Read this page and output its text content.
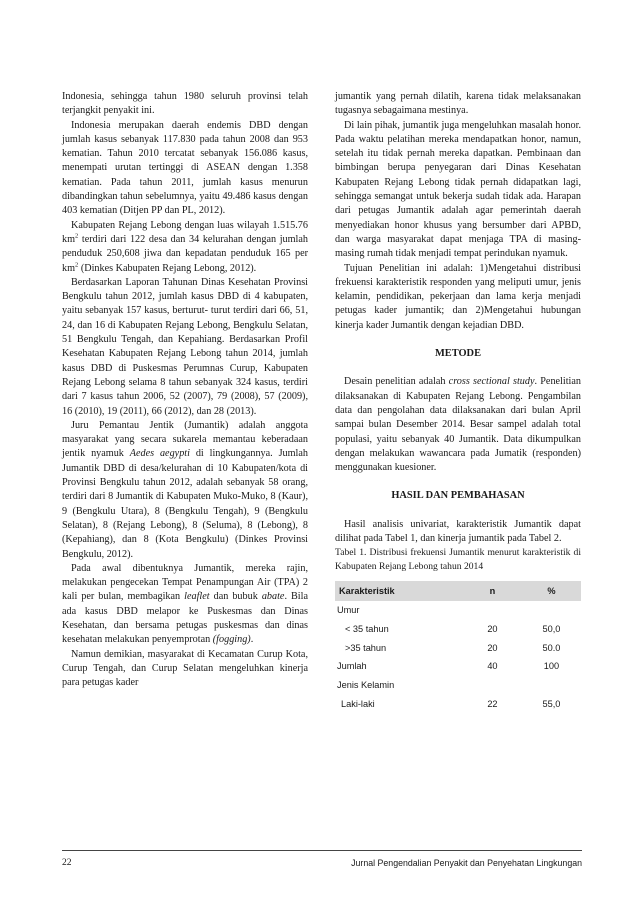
Indonesia, sehingga tahun 1980 seluruh provinsi telah terjangkit penyakit ini.

Indonesia merupakan daerah endemis DBD dengan jumlah kasus sebanyak 117.830 pada tahun 2008 dan 953 kematian. Tahun 2010 tercatat sebanyak 156.086 kasus, menempati urutan tertinggi di ASEAN dengan 1.358 kematian. Pada tahun 2011, jumlah kasus menurun dibandingkan tahun sebelumnya, yaitu 49.486 kasus dengan 403 kematian (Ditjen PP dan PL, 2012).

Kabupaten Rejang Lebong dengan luas wilayah 1.515.76 $km^2$ terdiri dari 122 desa dan 34 kelurahan dengan jumlah penduduk 250,608 jiwa dan kepadatan penduduk 165 per $km^2$ (Dinkes Kabupaten Rejang Lebong, 2012).

Berdasarkan Laporan Tahunan Dinas Kesehatan Provinsi Bengkulu tahun 2012, jumlah kasus DBD di 4 kabupaten, yaitu sebanyak 157 kasus, berturut- turut terdiri dari 66, 51, 24, dan 16 di Kabupaten Rejang Lebong, Bengkulu Selatan, 51 Bengkulu Tengah, dan Kepahiang. Berdasarkan Profil Kesehatan Kabupaten Rejang Lebong tahun 2014, jumlah kasus DBD di Puskesmas Perumnas Curup, Kabupaten Rejang Lebong selama 8 tahun sebanyak 324 kasus, terdiri dari 7 kasus tahun 2006, 52 (2007), 79 (2008), 57 (2009), 16 (2010), 19 (2011), 66 (2012), dan 28 (2013).

Juru Pemantau Jentik (Jumantik) adalah anggota masyarakat yang secara sukarela memantau keberadaan jentik nyamuk Aedes aegypti di lingkungannya. Jumlah Jumantik DBD di desa/kelurahan di 10 Kabupaten/kota di Provinsi Bengkulu tahun 2012, adalah sebanyak 58 orang, terdiri dari 8 Jumantik di Kabupaten Muko-Muko, 8 (Kaur), 9 (Bengkulu Utara), 8 (Bengkulu Tengah), 9 (Bengkulu Selatan), 8 (Rejang Lebong), 8 (Seluma), 8 (Lebong), 8 (Kepahiang), dan 8 (Kota Bengkulu) (Dinkes Provinsi Bengkulu, 2012).

Pada awal dibentuknya Jumantik, mereka rajin, melakukan pengecekan Tempat Penampungan Air (TPA) 2 kali per bulan, membagikan leaflet dan bubuk abate. Bila ada kasus DBD melapor ke Puskesmas dan Dinas Kesehatan, dan bersama petugas puskesmas dan dinas kesehatan melakukan penyemprotan (fogging).

Namun demikian, masyarakat di Kecamatan Curup Kota, Curup Tengah, dan Curup Selatan mengeluhkan kinerja para petugas kader

jumantik yang pernah dilatih, karena tidak melaksanakan tugasnya sebagaimana mestinya.

Di lain pihak, jumantik juga mengeluhkan masalah honor. Pada waktu pelatihan mereka mendapatkan honor, namun, setelah itu tidak pernah mereka dapatkan. Pembinaan dan bimbingan berupa penyegaran dari Dinas Kesehatan Kabupaten Rejang Lebong tidak pernah didapatkan lagi, sehingga semangat untuk bekerja sudah tidak ada. Harapan dari petugas Jumantik adalah agar pemerintah daerah menyediakan honor khusus yang bersumber dari APBD, dan warga masyarakat dapat menjaga TPA di masing-masing rumah tidak menjadi tempat perindukan nyamuk.

Tujuan Penelitian ini adalah: 1)Mengetahui distribusi frekuensi karakteristik responden yang meliputi umur, jenis kelamin, pendidikan, pekerjaan dan lama kerja menjadi petugas kader jumantik; dan 2)Mengetahui hubungan kinerja kader Jumantik dengan kejadian DBD.

METODE

Desain penelitian adalah cross sectional study. Penelitian dilaksanakan di Kabupaten Rejang Lebong. Pengambilan data dan pengolahan data dilaksanakan dari bulan April sampai bulan Desember 2014. Besar sampel adalah total populasi, yaitu sebanyak 40 Jumantik. Data dikumpulkan dengan melakukan wawancara pada Jumatik (responden) menggunakan kuesioner.

HASIL DAN PEMBAHASAN

Hasil analisis univariat, karakteristik Jumantik dapat dilihat pada Tabel 1, dan kinerja jumantik pada Tabel 2.

Tabel 1. Distribusi frekuensi Jumantik menurut karakteristik di Kabupaten Rejang Lebong tahun 2014

Karakteristik	n	%
Umur		
< 35 tahun	20	50,0
>35 tahun	20	50.0
Jumlah	40	100
Jenis Kelamin		
Laki-laki	22	55,0
22	Jurnal Pengendalian Penyakit dan Penyehatan Lingkungan
